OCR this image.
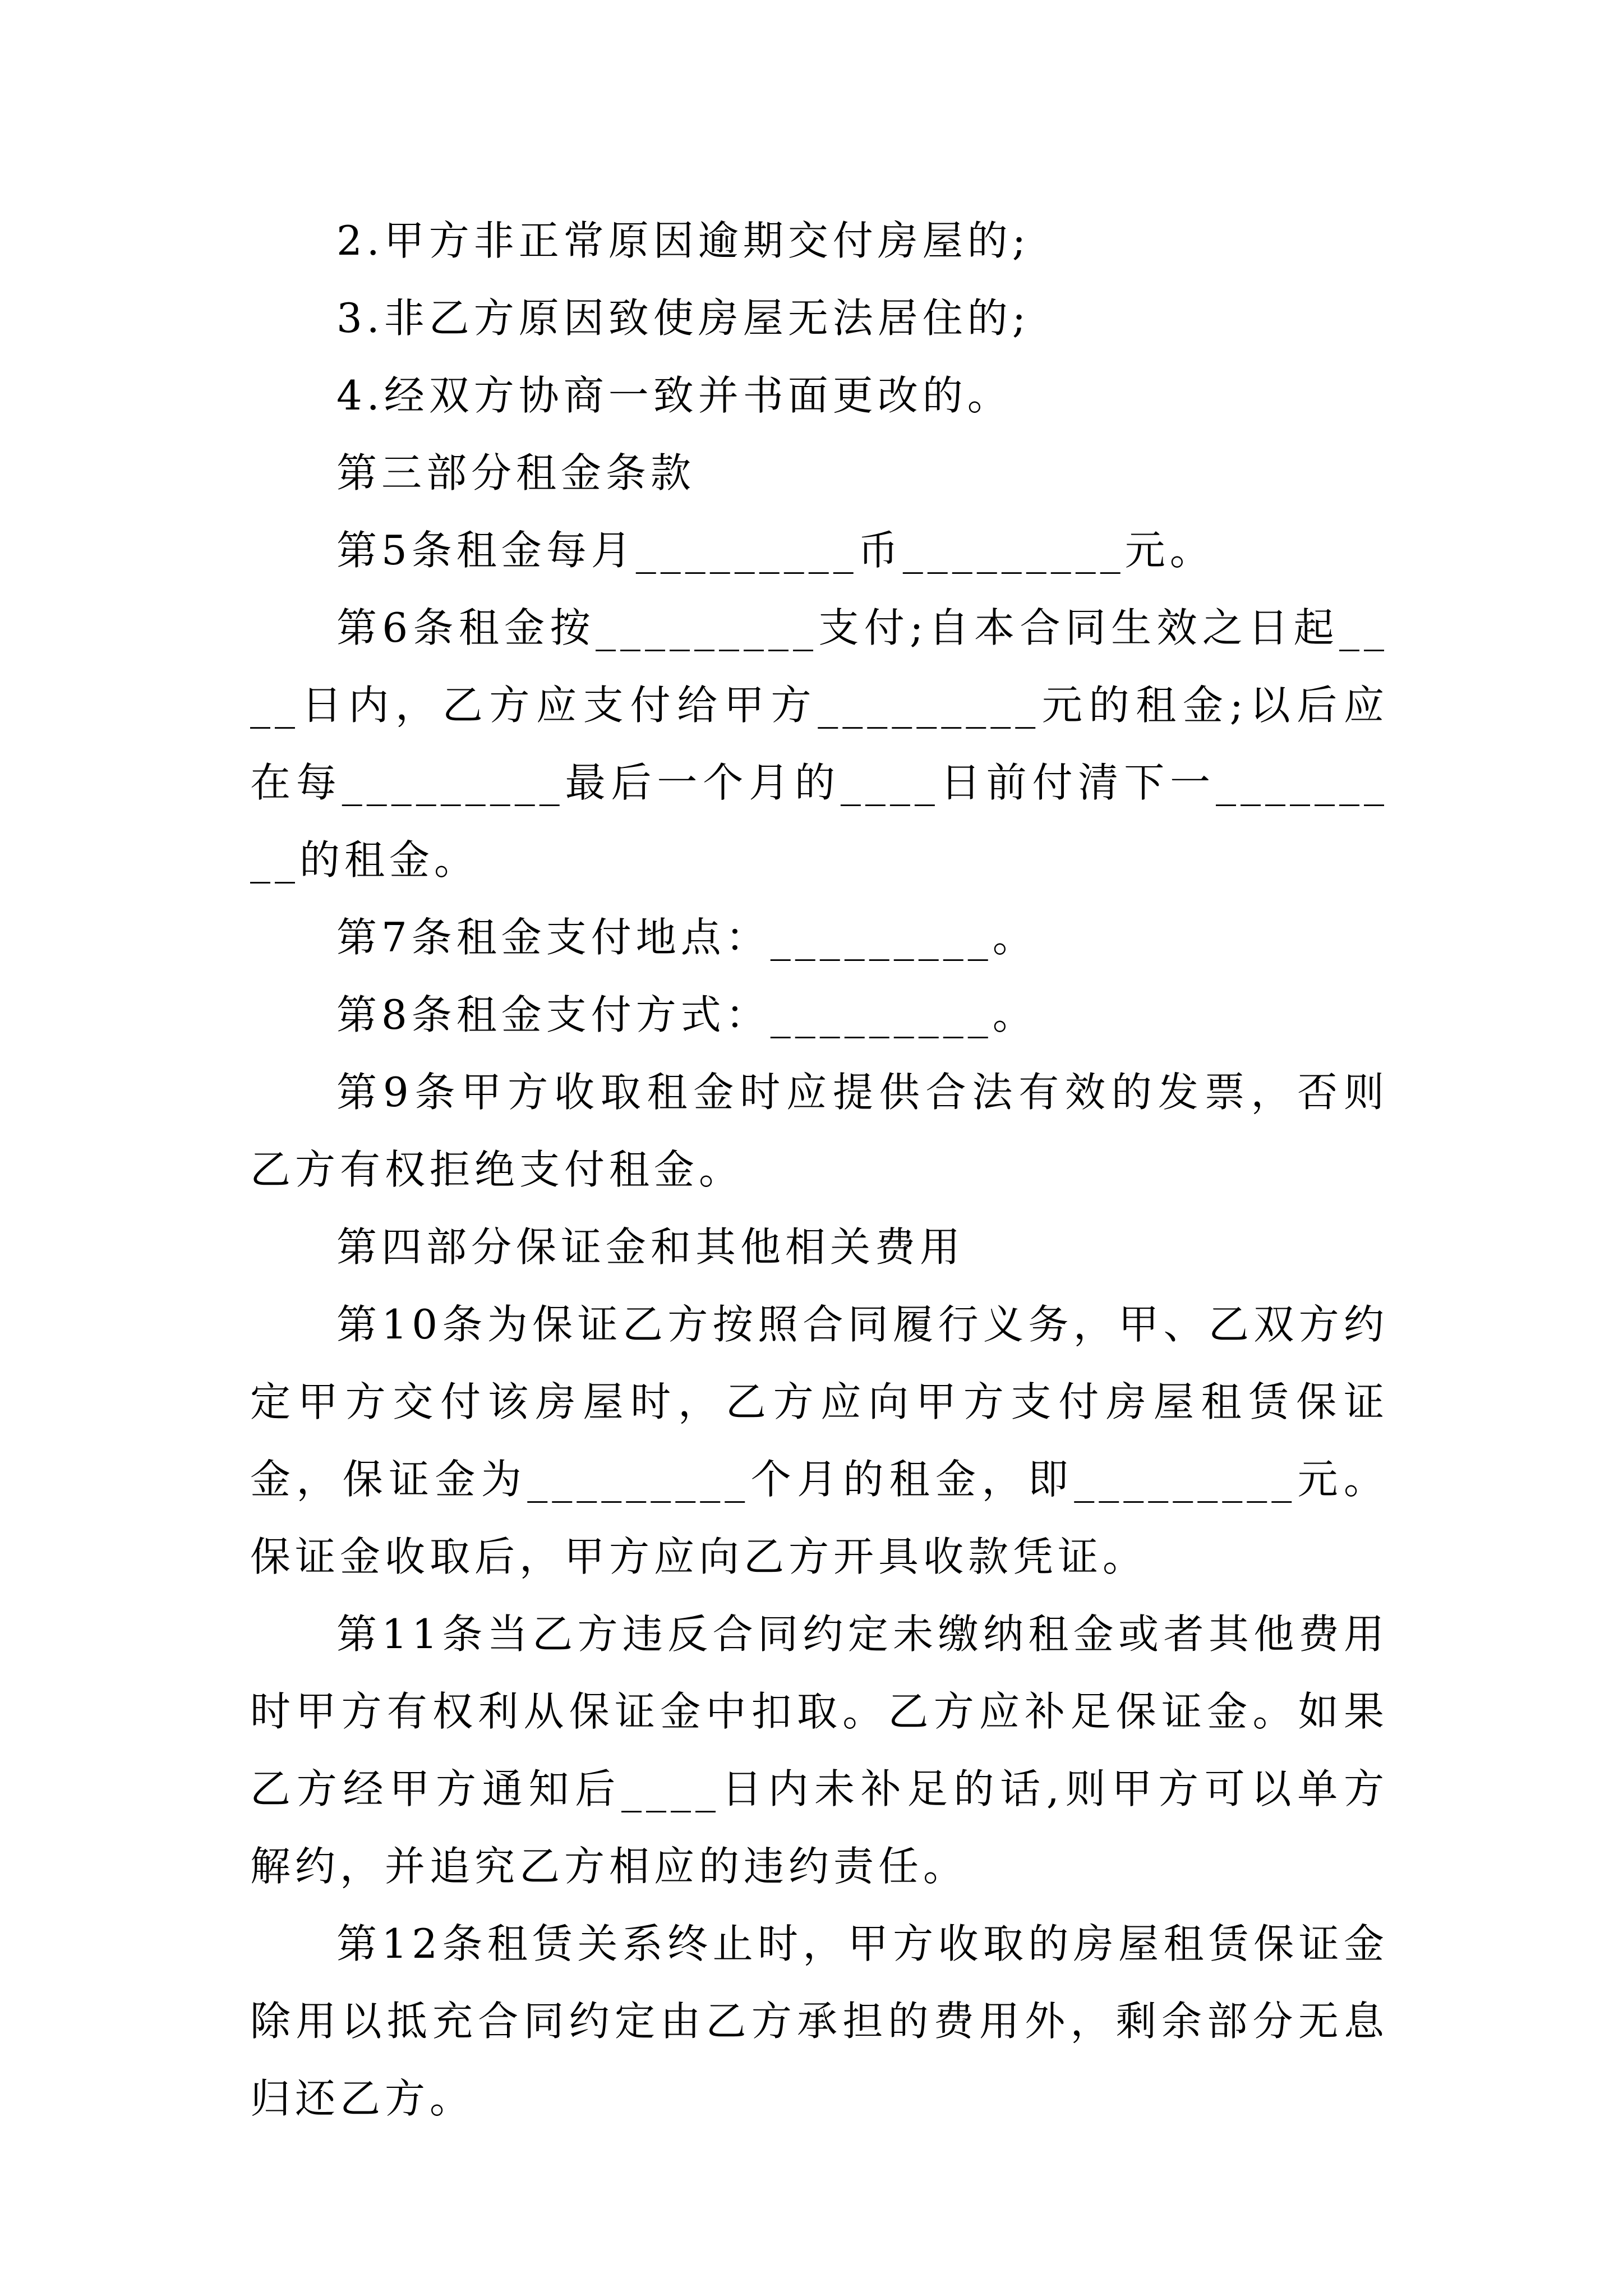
2.甲方非正常原因逾期交付房屋的;

3.非乙方原因致使房屋无法居住的;

4.经双方协商一致并书面更改的。

第三部分租金条款

第5条租金每月_________币_________元。

第6条租金按_________支付;自本合同生效之日起____日内，乙方应支付给甲方_________元的租金;以后应在每_________最后一个月的____日前付清下一_________的租金。

第7条租金支付地点：_________。

第8条租金支付方式：_________。

第9条甲方收取租金时应提供合法有效的发票，否则乙方有权拒绝支付租金。

第四部分保证金和其他相关费用

第10条为保证乙方按照合同履行义务，甲、乙双方约定甲方交付该房屋时，乙方应向甲方支付房屋租赁保证金，保证金为_________个月的租金，即_________元。保证金收取后，甲方应向乙方开具收款凭证。

第11条当乙方违反合同约定未缴纳租金或者其他费用时甲方有权利从保证金中扣取。乙方应补足保证金。如果乙方经甲方通知后____日内未补足的话,则甲方可以单方解约，并追究乙方相应的违约责任。

第12条租赁关系终止时，甲方收取的房屋租赁保证金除用以抵充合同约定由乙方承担的费用外，剩余部分无息归还乙方。
